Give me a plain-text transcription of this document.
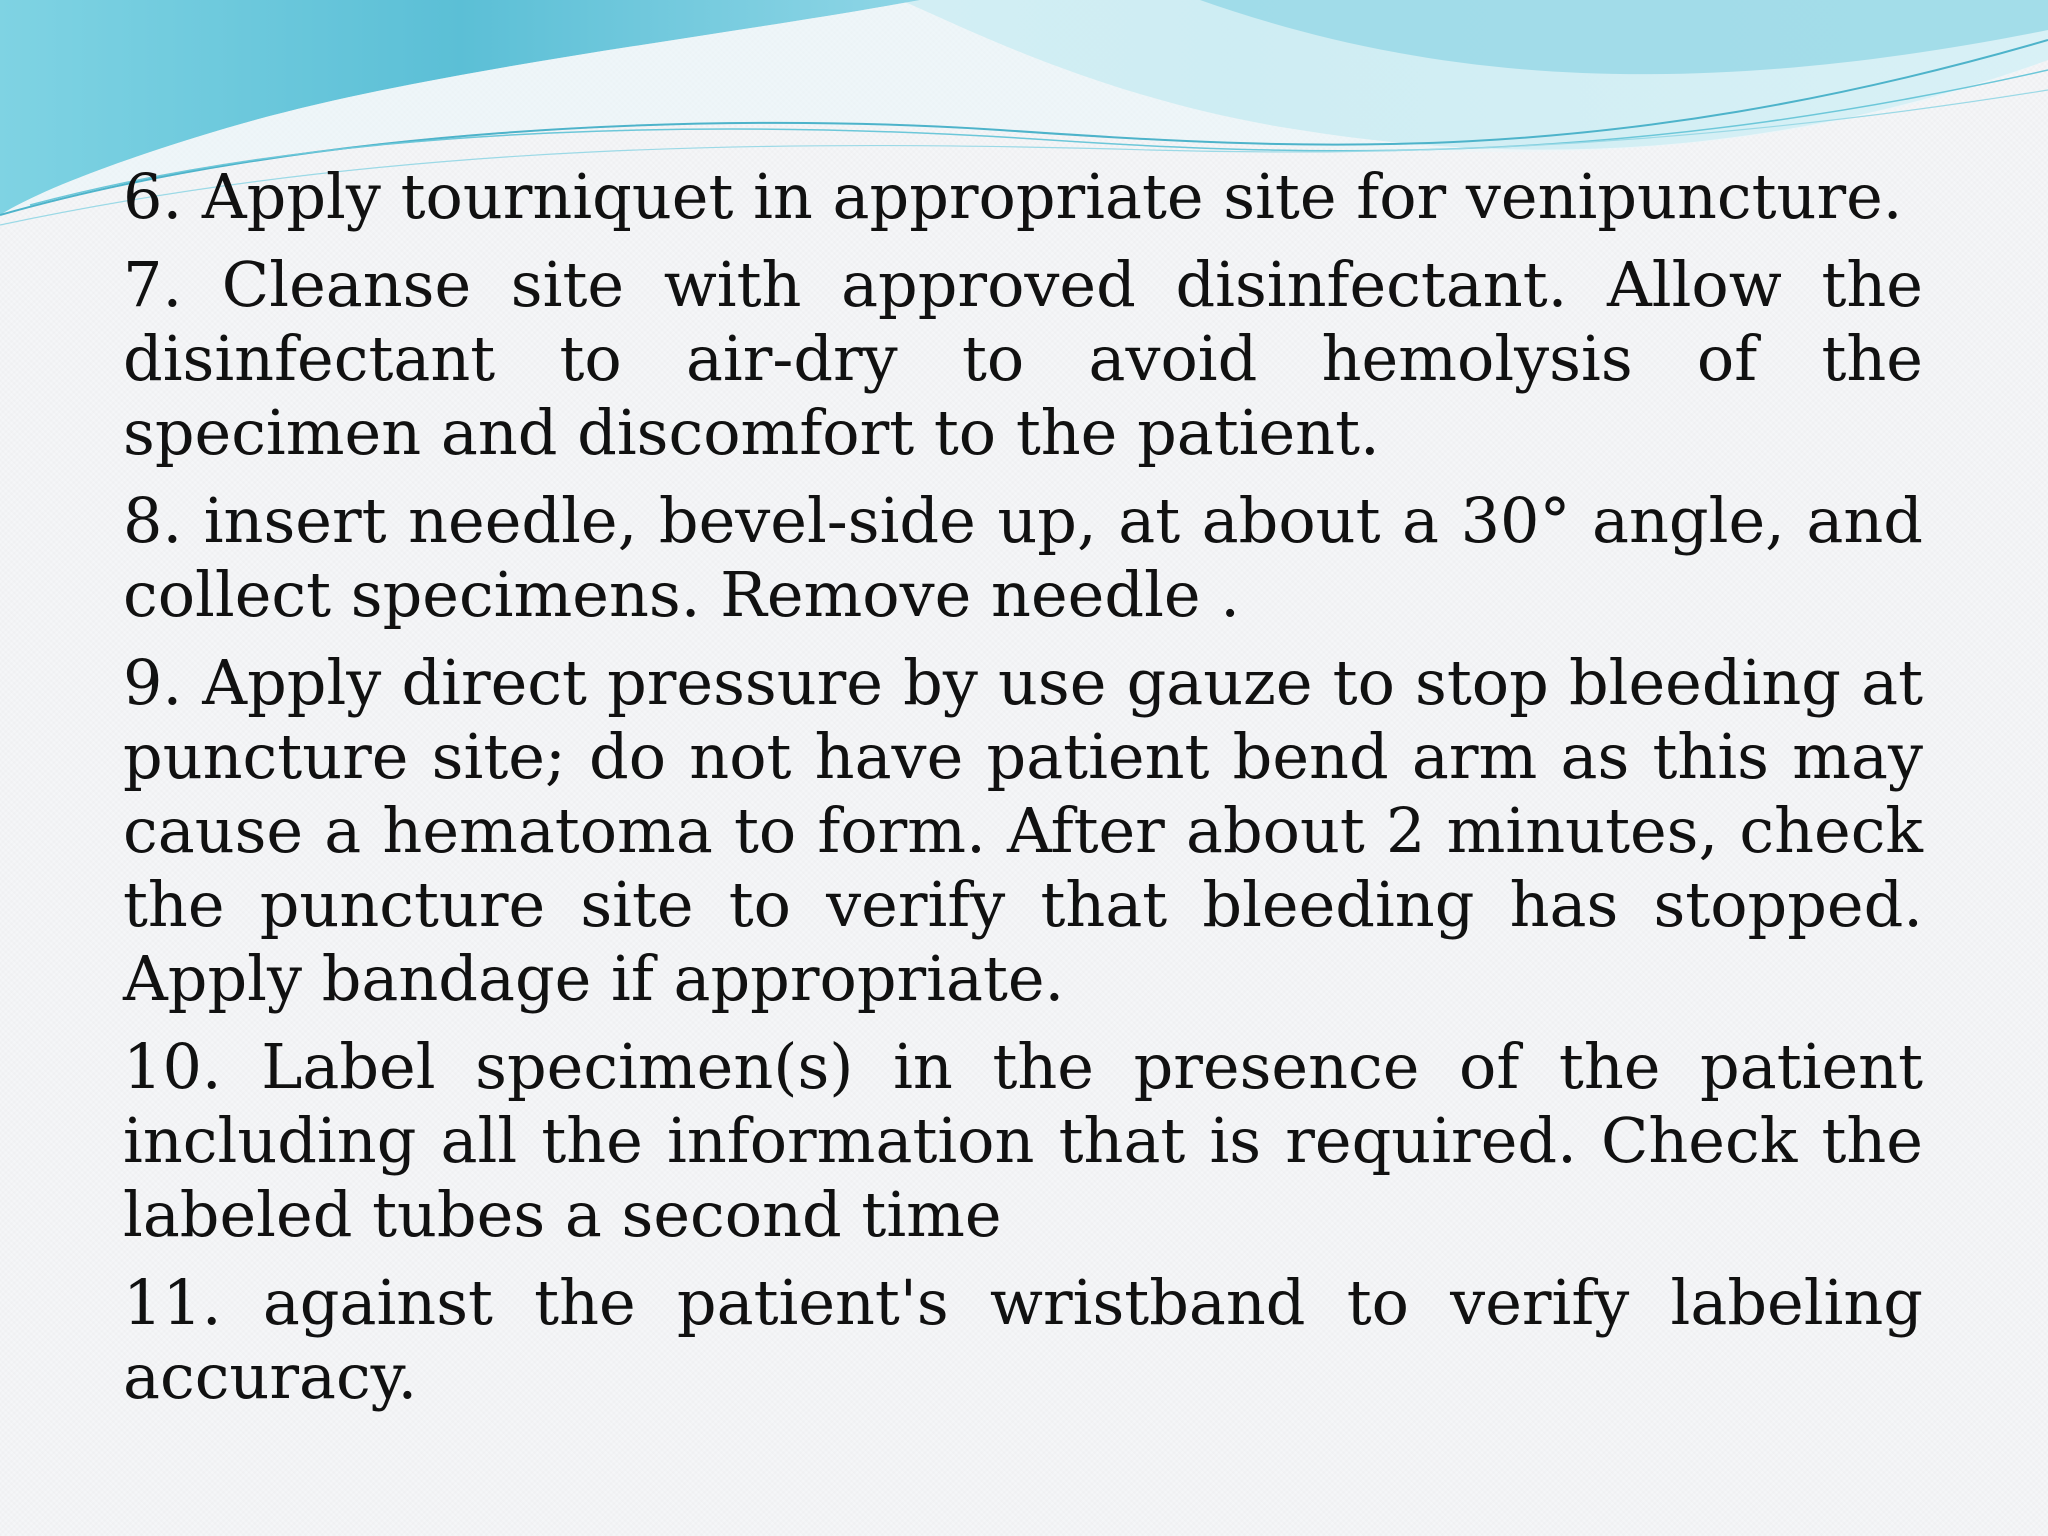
6. Apply tourniquet in appropriate site for venipuncture.

7. Cleanse site with approved disinfectant. Allow the disinfectant to air-dry to avoid hemolysis of the specimen and discomfort to the patient.

8. insert needle, bevel-side up, at about a 30° angle, and collect specimens. Remove needle .

9. Apply direct pressure by use gauze to stop bleeding at puncture site; do not have patient bend arm as this may cause a hematoma to form. After about 2 minutes, check the puncture site to verify that bleeding has stopped. Apply bandage if appropriate.

10. Label specimen(s) in the presence of the patient including all the information that is required. Check the labeled tubes a second time

11. against the patient's wristband to verify labeling accuracy.
